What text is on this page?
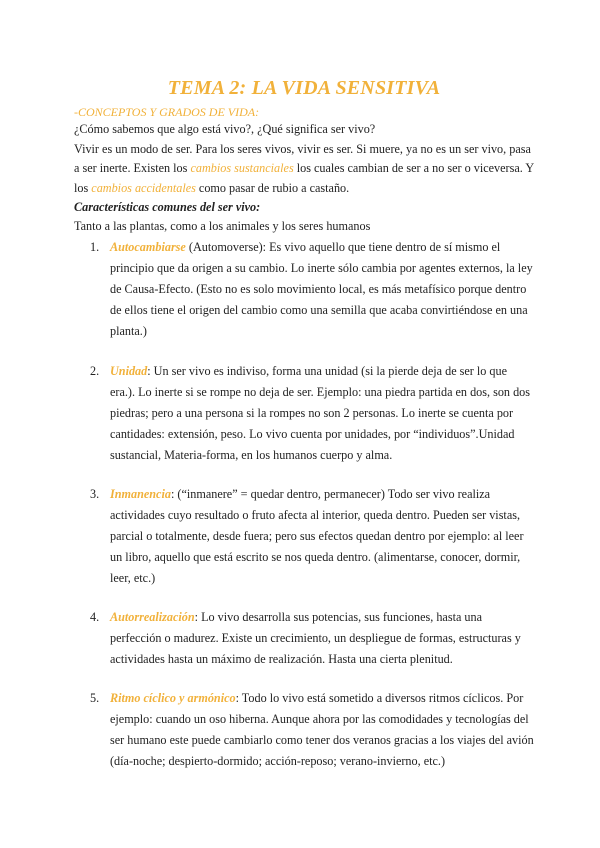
TEMA 2: LA VIDA SENSITIVA

-CONCEPTOS Y GRADOS DE VIDA:

¿Cómo sabemos que algo está vivo?, ¿Qué significa ser vivo?

Vivir es un modo de ser. Para los seres vivos, vivir es ser. Si muere, ya no es un ser vivo, pasa a ser inerte. Existen los cambios sustanciales los cuales cambian de ser a no ser o viceversa. Y los cambios accidentales como pasar de rubio a castaño.

Características comunes del ser vivo:

Tanto a las plantas, como a los animales y los seres humanos

1. Autocambiarse (Automoverse): Es vivo aquello que tiene dentro de sí mismo el principio que da origen a su cambio. Lo inerte sólo cambia por agentes externos, la ley de Causa-Efecto. (Esto no es solo movimiento local, es más metafísico porque dentro de ellos tiene el origen del cambio como una semilla que acaba convirtiéndose en una planta.)
2. Unidad: Un ser vivo es indiviso, forma una unidad (si la pierde deja de ser lo que era.). Lo inerte si se rompe no deja de ser. Ejemplo: una piedra partida en dos, son dos piedras; pero a una persona si la rompes no son 2 personas. Lo inerte se cuenta por cantidades: extensión, peso. Lo vivo cuenta por unidades, por “individuos”.Unidad sustancial, Materia-forma, en los humanos cuerpo y alma.
3. Inmanencia: (“inmanere” = quedar dentro, permanecer) Todo ser vivo realiza actividades cuyo resultado o fruto afecta al interior, queda dentro. Pueden ser vistas, parcial o totalmente, desde fuera; pero sus efectos quedan dentro por ejemplo: al leer un libro, aquello que está escrito se nos queda dentro. (alimentarse, conocer, dormir, leer, etc.)
4. Autorrealización: Lo vivo desarrolla sus potencias, sus funciones, hasta una perfección o madurez. Existe un crecimiento, un despliegue de formas, estructuras y actividades hasta un máximo de realización. Hasta una cierta plenitud.
5. Ritmo cíclico y armónico: Todo lo vivo está sometido a diversos ritmos cíclicos. Por ejemplo: cuando un oso hiberna. Aunque ahora por las comodidades y tecnologías del ser humano este puede cambiarlo como tener dos veranos gracias a los viajes del avión (día-noche; despierto-dormido; acción-reposo; verano-invierno, etc.)
